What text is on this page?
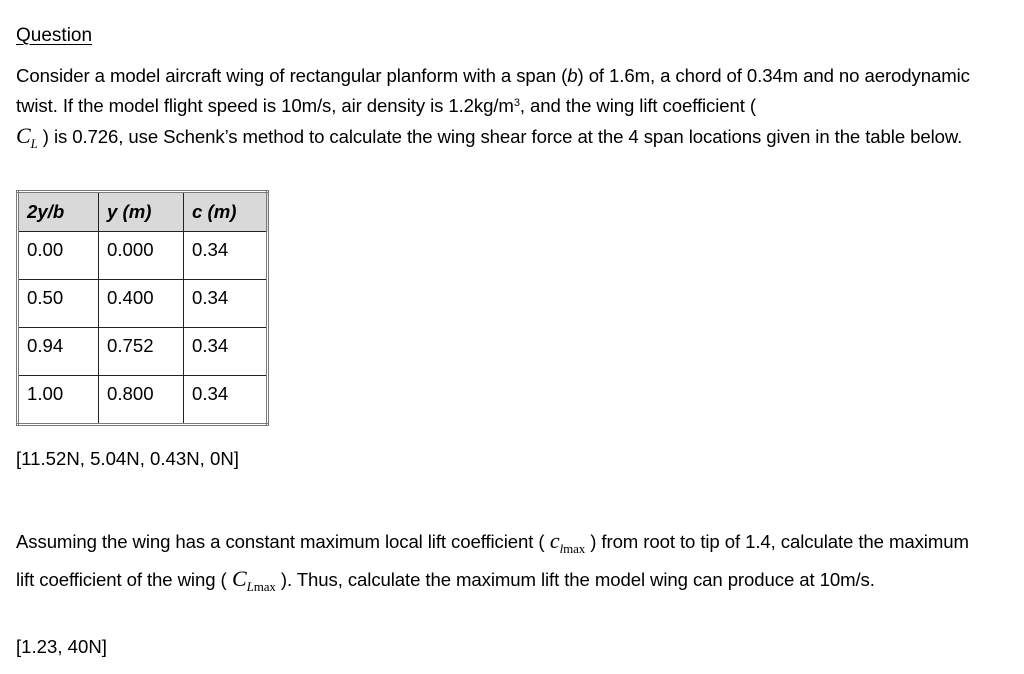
Question
Consider a model aircraft wing of rectangular planform with a span (b) of 1.6m, a chord of 0.34m and no aerodynamic twist. If the model flight speed is 10m/s, air density is $1.2kg/m^3$, and the wing lift coefficient (
$C_L$ ) is 0.726, use Schenk’s method to calculate the wing shear force at the 4 span locations given in the table below.
2y/b	y (m)	c (m)
0.00	0.000	0.34
0.50	0.400	0.34
0.94	0.752	0.34
1.00	0.800	0.34
[11.52N, 5.04N, 0.43N, 0N]
Assuming the wing has a constant maximum local lift coefficient ( $c_{lmax}$ ) from root to tip of 1.4, calculate the maximum lift coefficient of the wing ( $C_{Lmax}$ ). Thus, calculate the maximum lift the model wing can produce at 10m/s.
[1.23, 40N]
